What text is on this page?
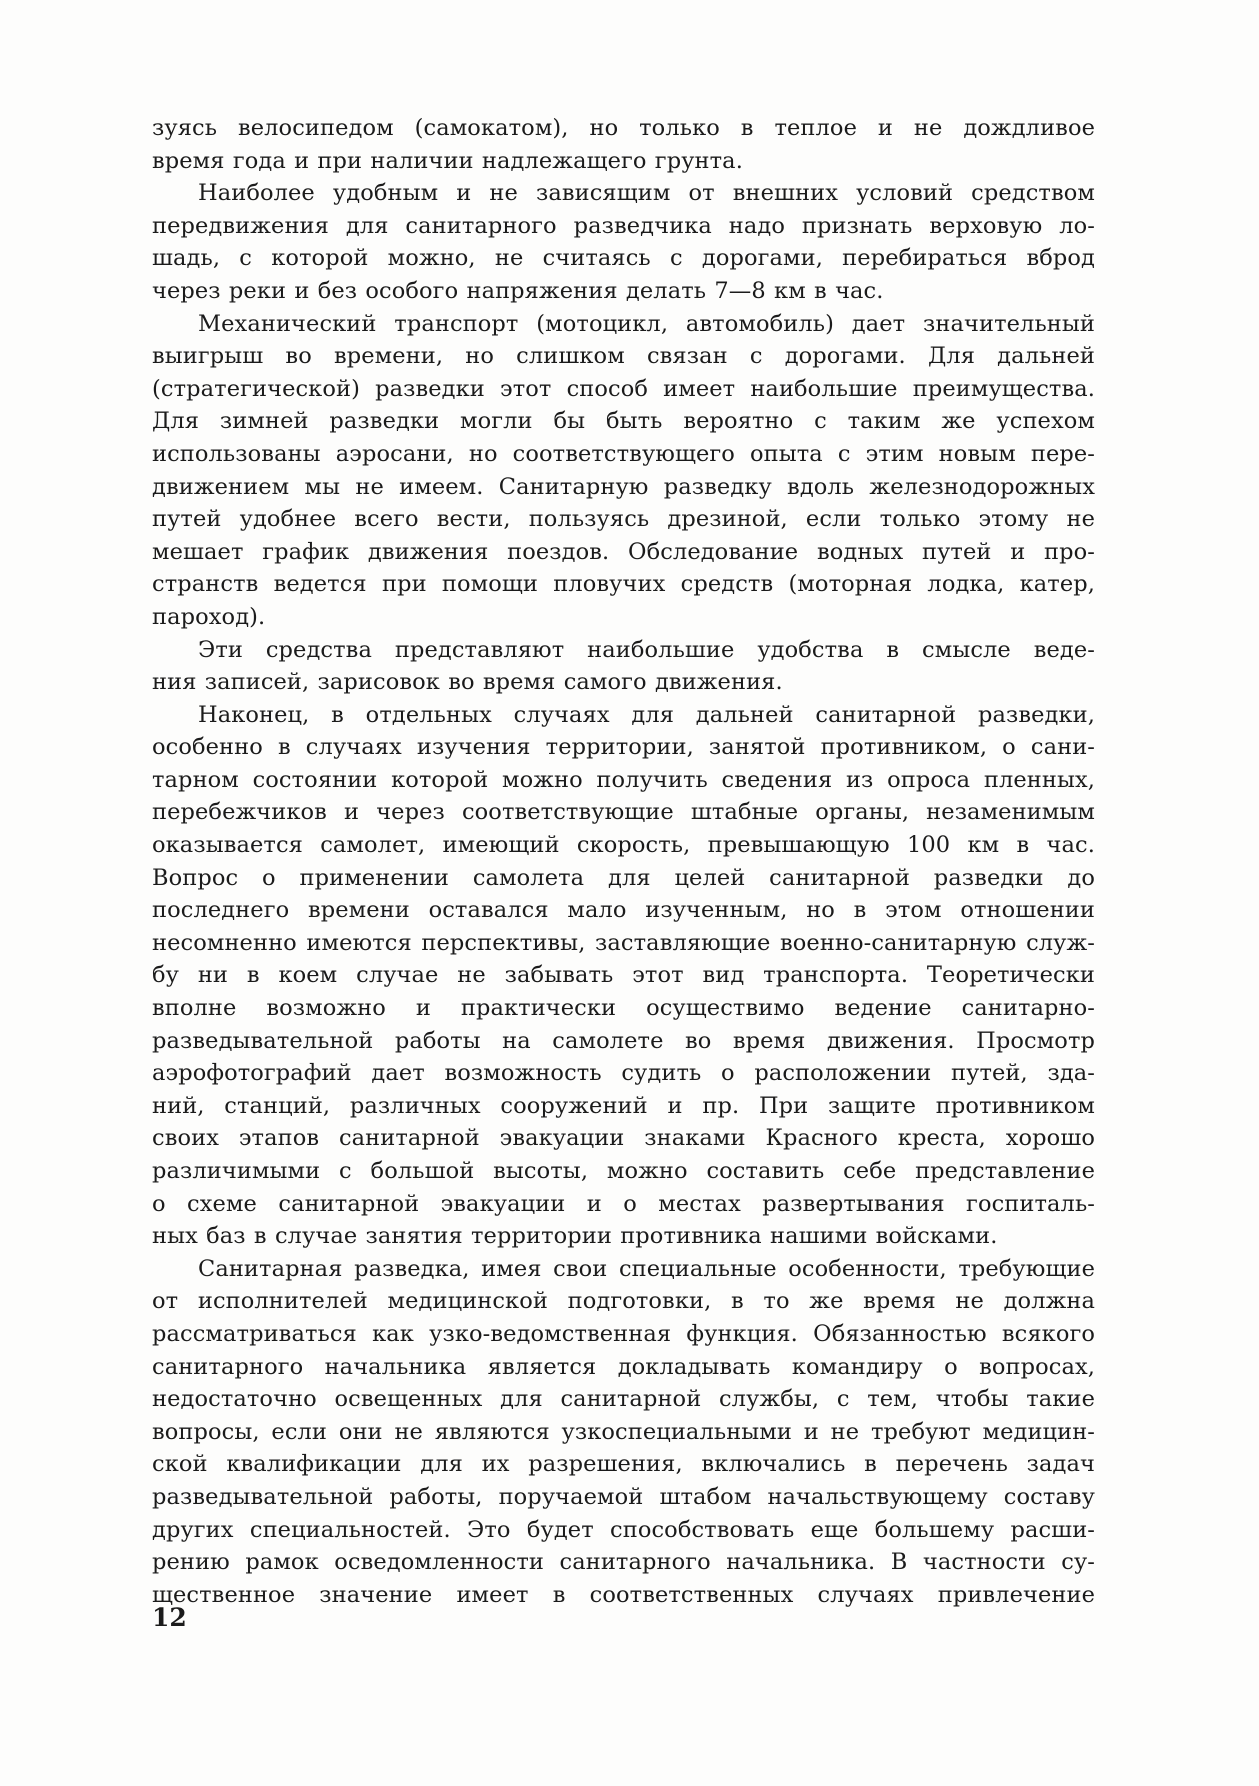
зуясь велосипедом (самокатом), но только в теплое и не дождливое
время года и при наличии надлежащего грунта.
Наиболее удобным и не зависящим от внешних условий средством
передвижения для санитарного разведчика надо признать верховую ло-
шадь, с которой можно, не считаясь с дорогами, перебираться вброд
через реки и без особого напряжения делать 7—8 км в час.
Механический транспорт (мотоцикл, автомобиль) дает значительный
выигрыш во времени, но слишком связан с дорогами. Для дальней
(стратегической) разведки этот способ имеет наибольшие преимущества.
Для зимней разведки могли бы быть вероятно с таким же успехом
использованы аэросани, но соответствующего опыта с этим новым пере-
движением мы не имеем. Санитарную разведку вдоль железнодорожных
путей удобнее всего вести, пользуясь дрезиной, если только этому не
мешает график движения поездов. Обследование водных путей и про-
странств ведется при помощи пловучих средств (моторная лодка, катер,
пароход).
Эти средства представляют наибольшие удобства в смысле веде-
ния записей, зарисовок во время самого движения.
Наконец, в отдельных случаях для дальней санитарной разведки,
особенно в случаях изучения территории, занятой противником, о сани-
тарном состоянии которой можно получить сведения из опроса пленных,
перебежчиков и через соответствующие штабные органы, незаменимым
оказывается самолет, имеющий скорость, превышающую 100 км в час.
Вопрос о применении самолета для целей санитарной разведки до
последнего времени оставался мало изученным, но в этом отношении
несомненно имеются перспективы, заставляющие военно-санитарную служ-
бу ни в коем случае не забывать этот вид транспорта. Теоретически
вполне возможно и практически осуществимо ведение санитарно-
разведывательной работы на самолете во время движения. Просмотр
аэрофотографий дает возможность судить о расположении путей, зда-
ний, станций, различных сооружений и пр. При защите противником
своих этапов санитарной эвакуации знаками Красного креста, хорошо
различимыми с большой высоты, можно составить себе представление
о схеме санитарной эвакуации и о местах развертывания госпиталь-
ных баз в случае занятия территории противника нашими войсками.
Санитарная разведка, имея свои специальные особенности, требующие
от исполнителей медицинской подготовки, в то же время не должна
рассматриваться как узко-ведомственная функция. Обязанностью всякого
санитарного начальника является докладывать командиру о вопросах,
недостаточно освещенных для санитарной службы, с тем, чтобы такие
вопросы, если они не являются узкоспециальными и не требуют медицин-
ской квалификации для их разрешения, включались в перечень задач
разведывательной работы, поручаемой штабом начальствующему составу
других специальностей. Это будет способствовать еще большему расши-
рению рамок осведомленности санитарного начальника. В частности су-
щественное значение имеет в соответственных случаях привлечение
12
